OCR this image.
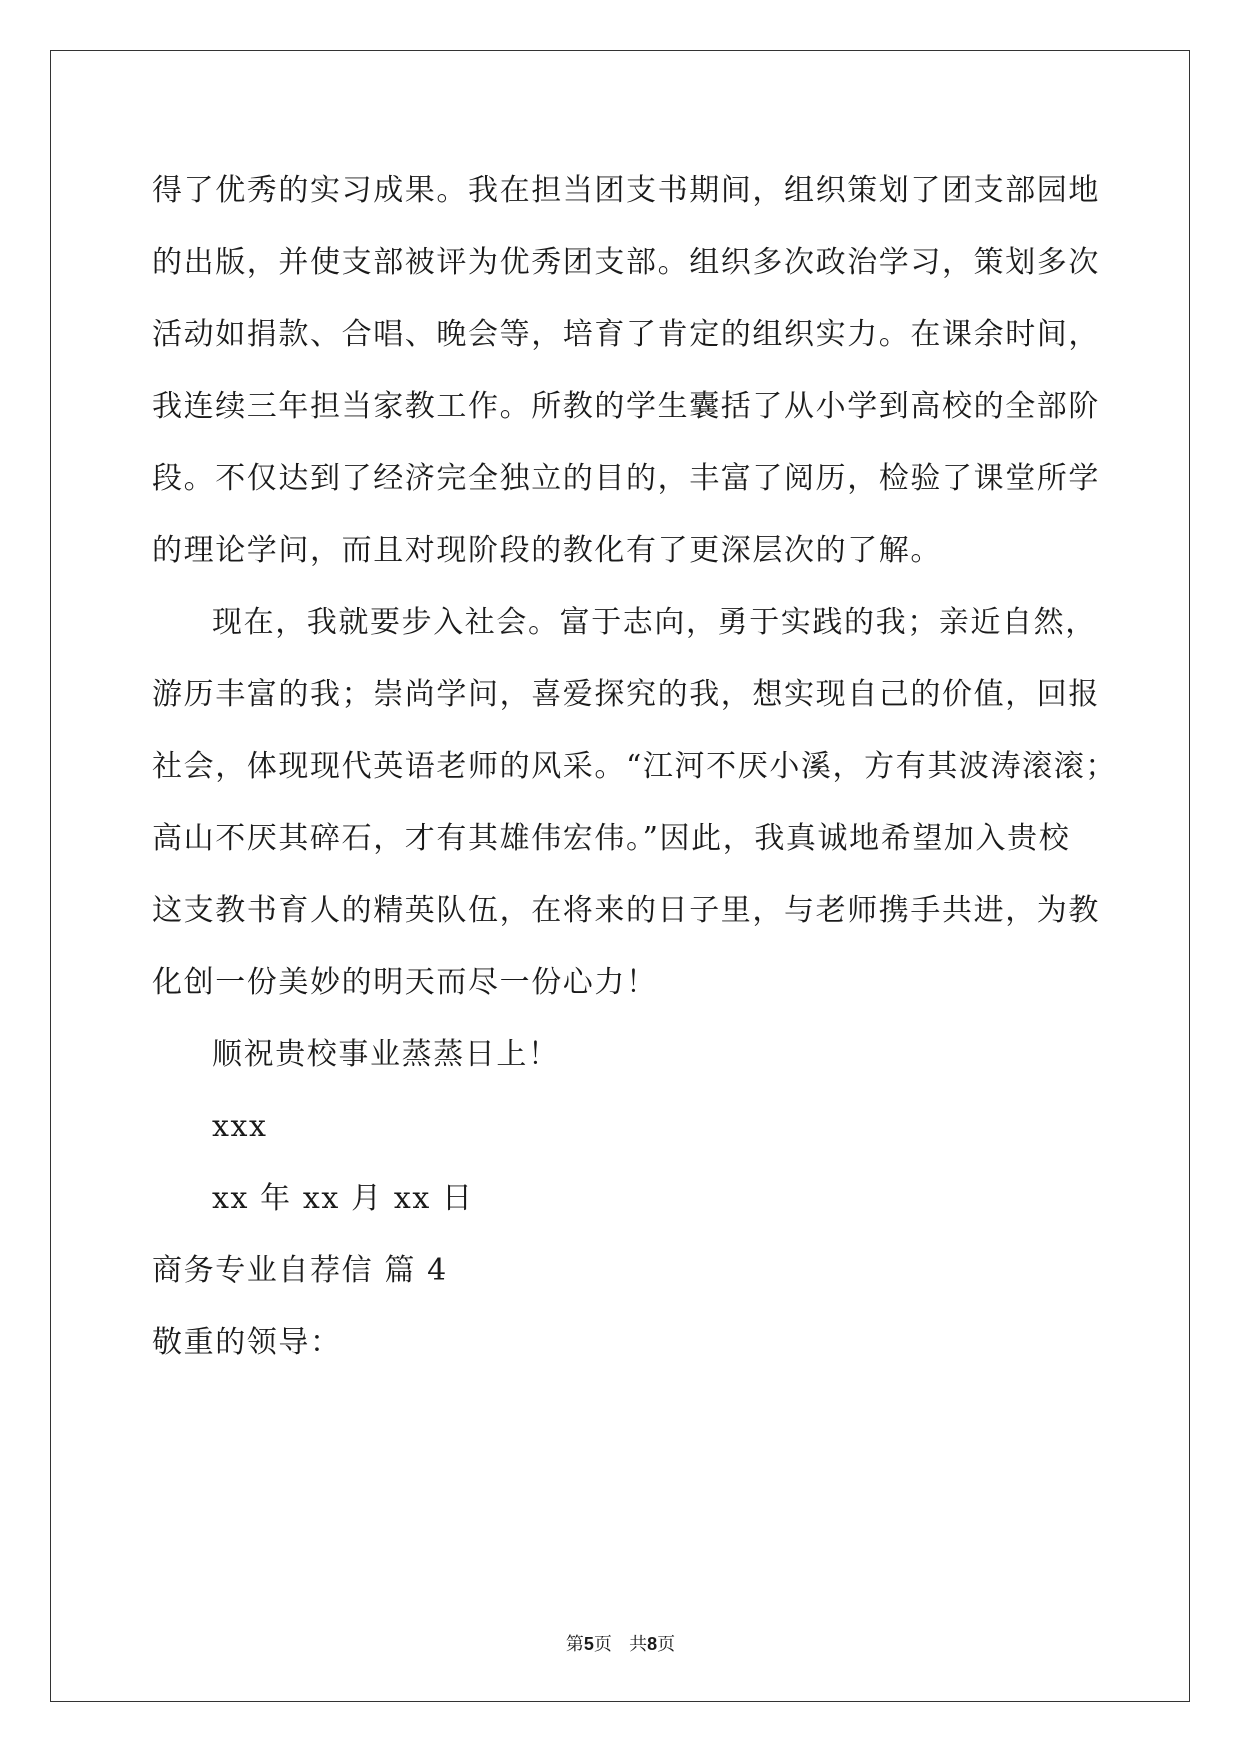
得了优秀的实习成果。我在担当团支书期间，组织策划了团支部园地

的出版，并使支部被评为优秀团支部。组织多次政治学习，策划多次

活动如捐款、合唱、晚会等，培育了肯定的组织实力。在课余时间，

我连续三年担当家教工作。所教的学生囊括了从小学到高校的全部阶

段。不仅达到了经济完全独立的目的，丰富了阅历，检验了课堂所学

的理论学问，而且对现阶段的教化有了更深层次的了解。

现在，我就要步入社会。富于志向，勇于实践的我；亲近自然，

游历丰富的我；崇尚学问，喜爱探究的我，想实现自己的价值，回报

社会，体现现代英语老师的风采。“江河不厌小溪，方有其波涛滚滚；

高山不厌其碎石，才有其雄伟宏伟。”因此，我真诚地希望加入贵校

这支教书育人的精英队伍，在将来的日子里，与老师携手共进，为教

化创一份美妙的明天而尽一份心力！

顺祝贵校事业蒸蒸日上！

xxx

xx 年 xx 月 xx 日

商务专业自荐信 篇 4

敬重的领导：

第5页 共8页
